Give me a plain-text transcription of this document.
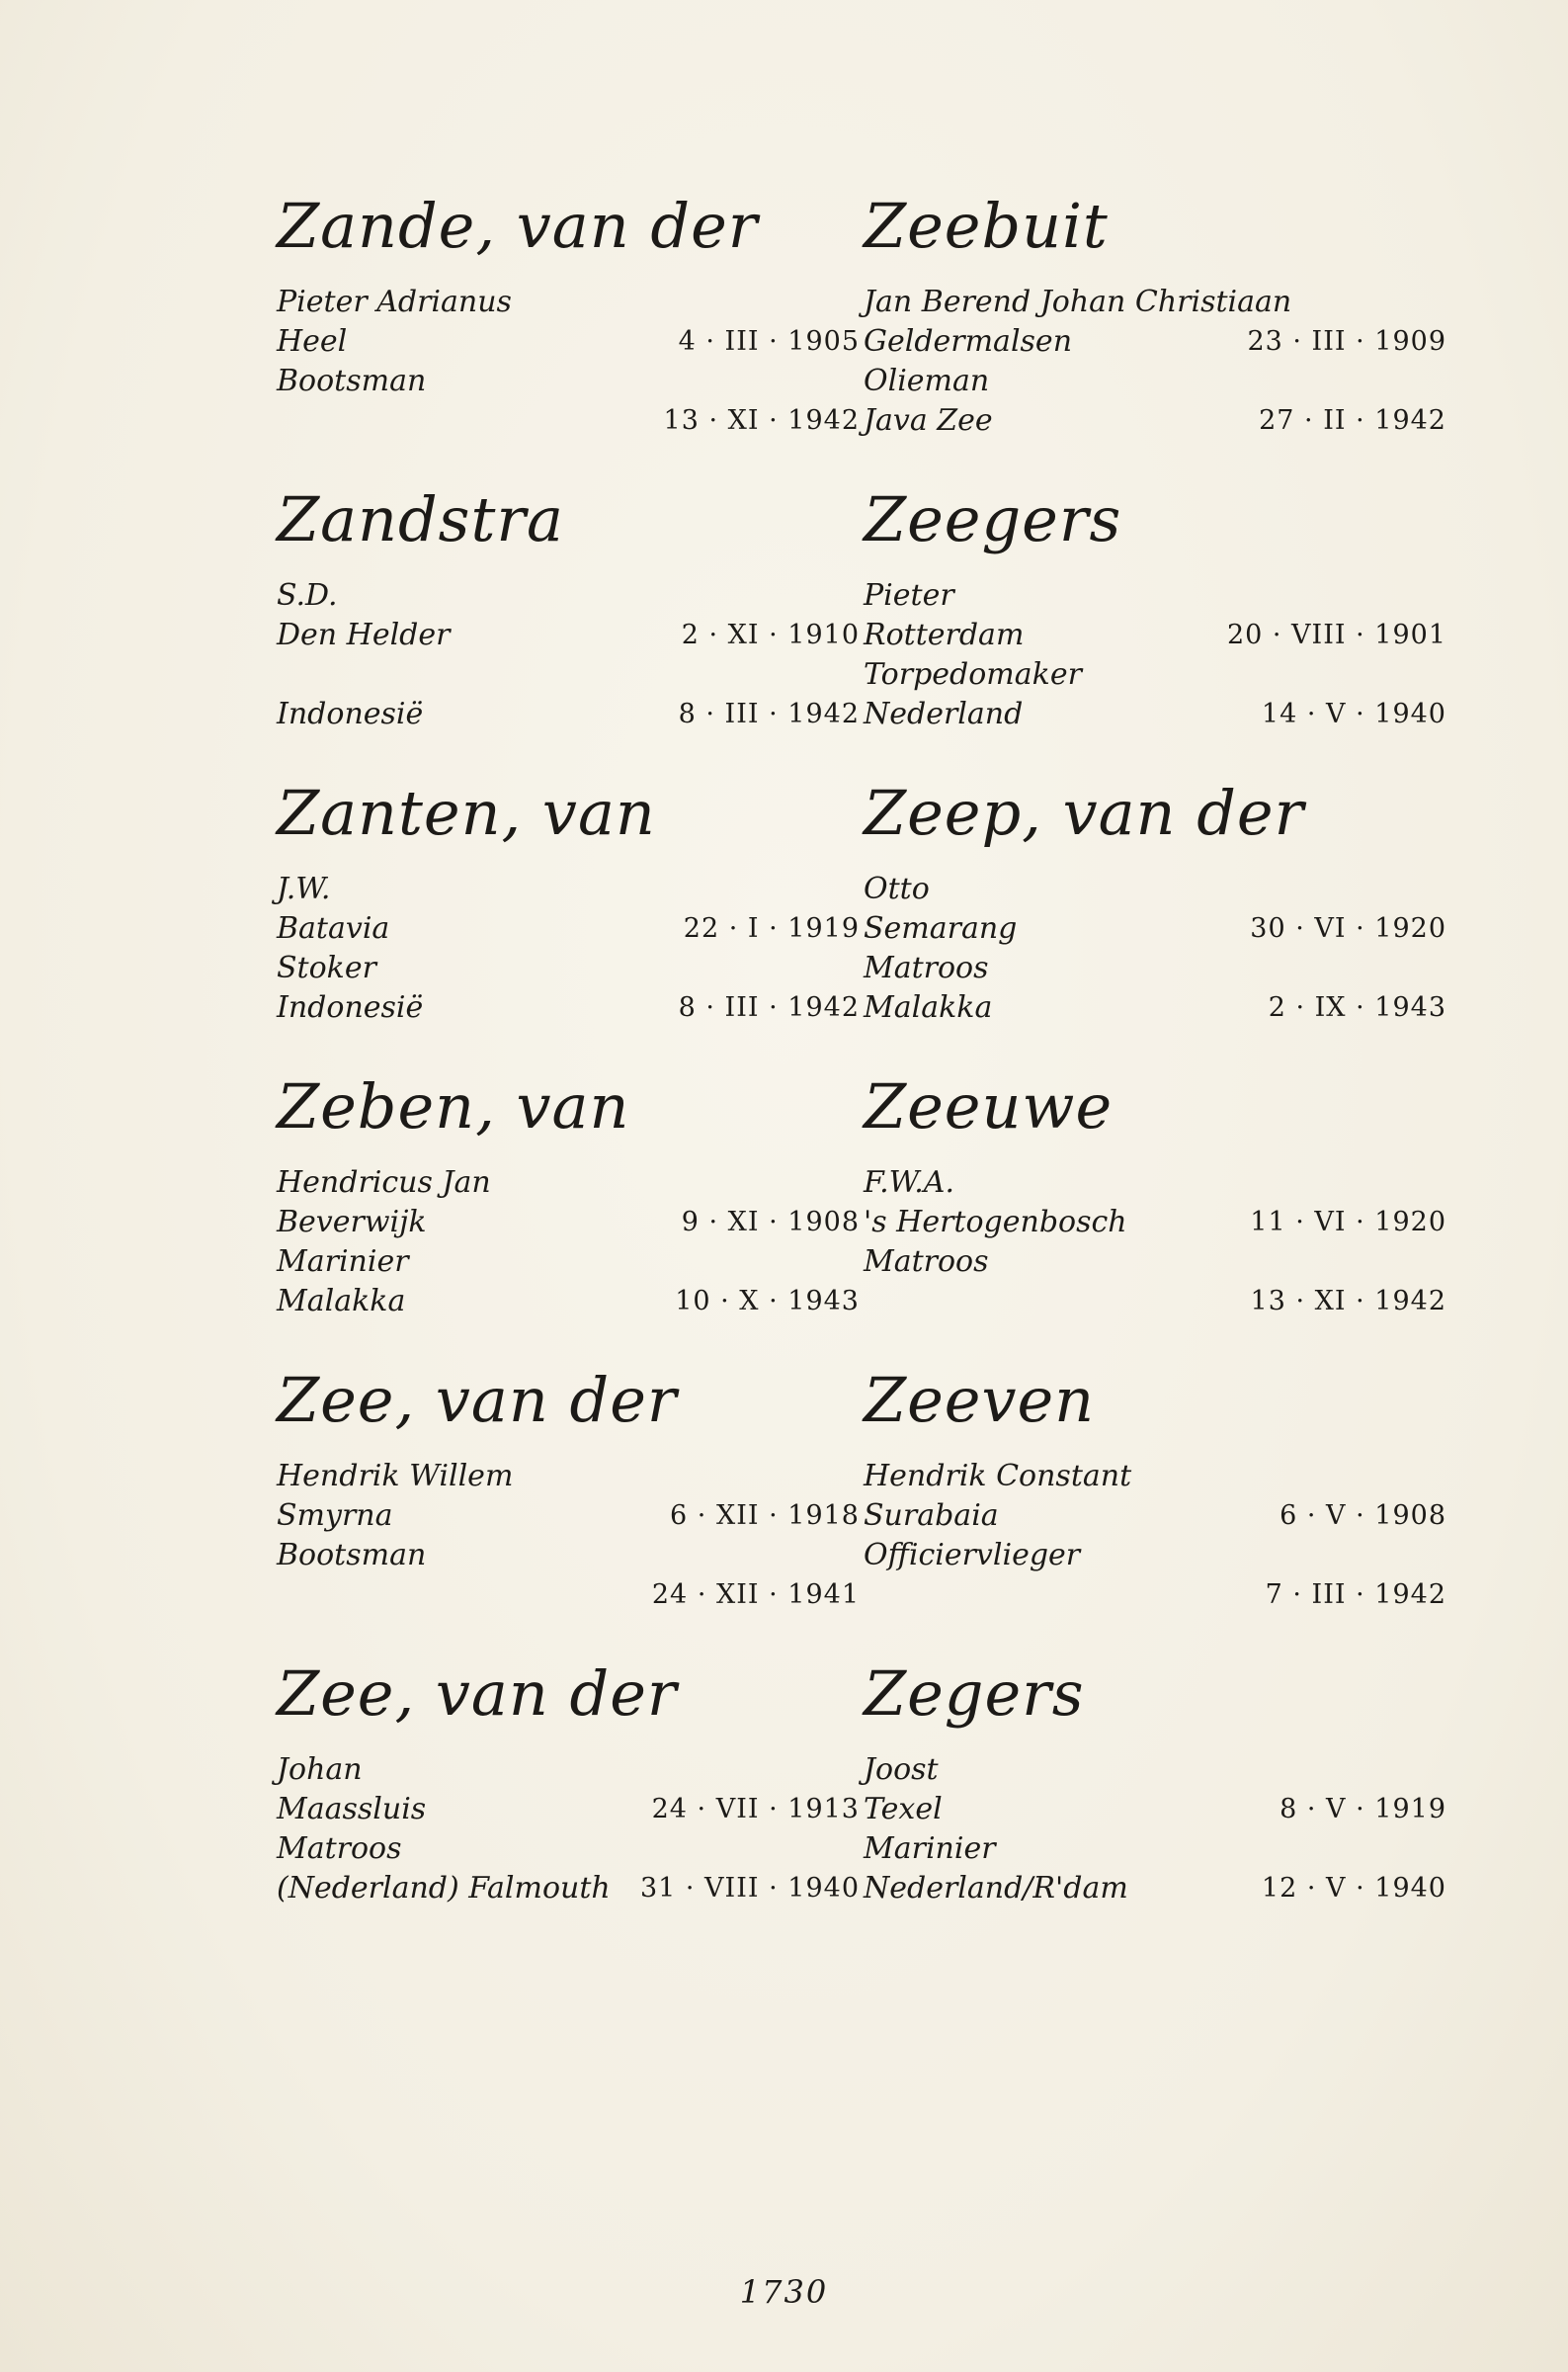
Zande, van der
Pieter Adrianus
Heel	4 · III · 1905
Bootsman
13 · XI · 1942
Zandstra
S.D.
Den Helder	2 · XI · 1910
Indonesië	8 · III · 1942
Zanten, van
J.W.
Batavia	22 · I · 1919
Stoker
Indonesië	8 · III · 1942
Zeben, van
Hendricus Jan
Beverwijk	9 · XI · 1908
Marinier
Malakka	10 · X · 1943
Zee, van der
Hendrik Willem
Smyrna	6 · XII · 1918
Bootsman
24 · XII · 1941
Zee, van der
Johan
Maassluis	24 · VII · 1913
Matroos
(Nederland) Falmouth 31 · VIII · 1940
Zeebuit
Jan Berend Johan Christiaan
Geldermalsen	23 · III · 1909
Olieman
Java Zee	27 · II · 1942
Zeegers
Pieter
Rotterdam	20 · VIII · 1901
Torpedomaker
Nederland	14 · V · 1940
Zeep, van der
Otto
Semarang	30 · VI · 1920
Matroos
Malakka	2 · IX · 1943
Zeeuwe
F.W.A.
's Hertogenbosch	11 · VI · 1920
Matroos
13 · XI · 1942
Zeeven
Hendrik Constant
Surabaia	6 · V · 1908
Officiervlieger
7 · III · 1942
Zegers
Joost
Texel	8 · V · 1919
Marinier
Nederland/R'dam	12 · V · 1940
1730
